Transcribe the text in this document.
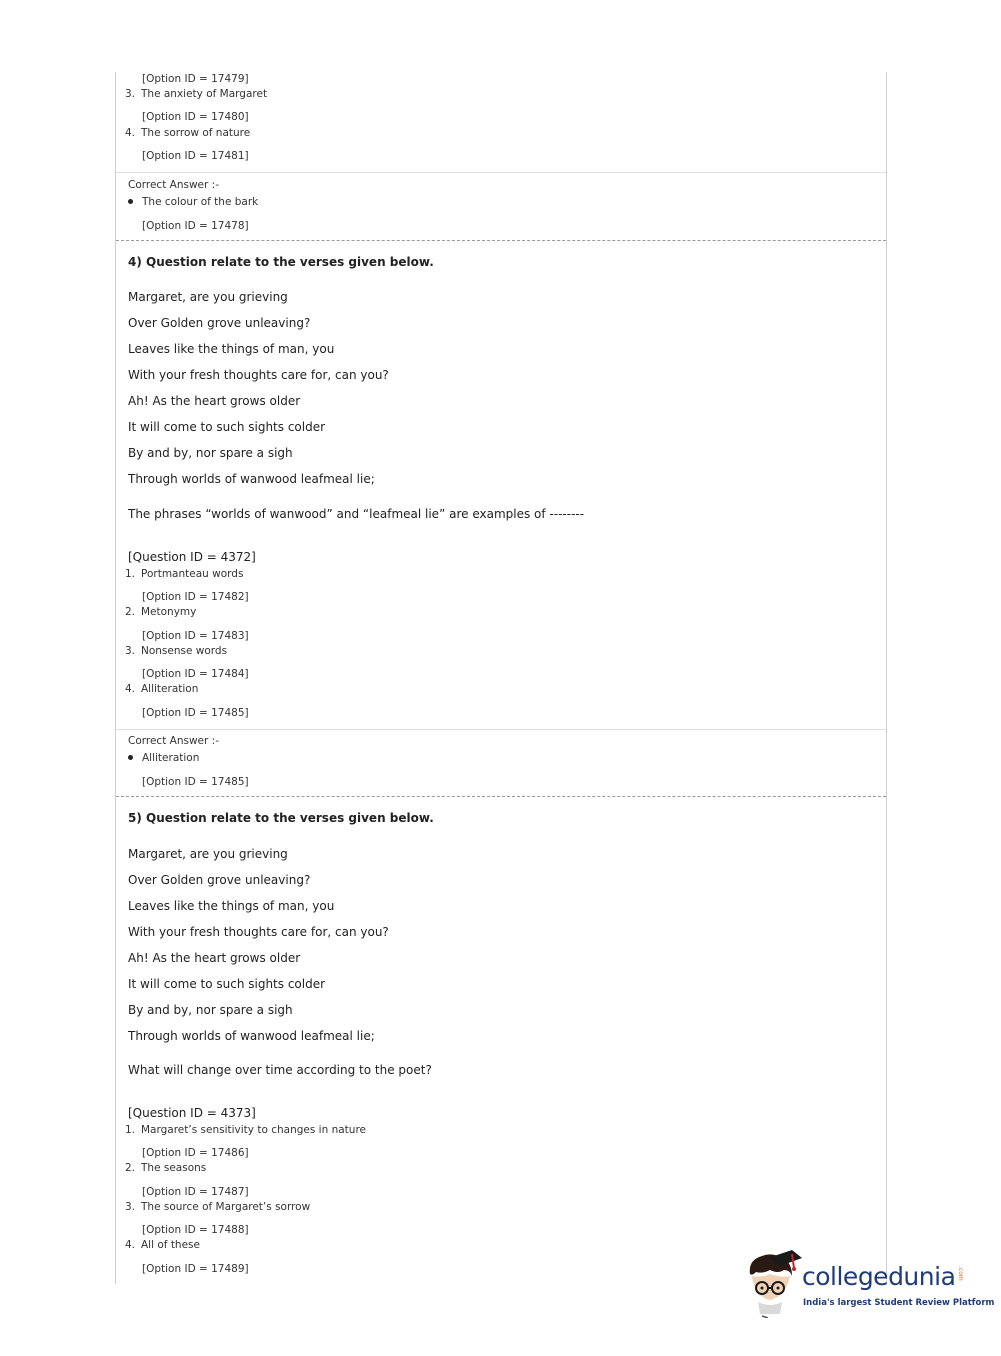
[Option ID = 17479]
3. The anxiety of Margaret
[Option ID = 17480]
4. The sorrow of nature
[Option ID = 17481]
Correct Answer :-
The colour of the bark
[Option ID = 17478]
4) Question relate to the verses given below.
Margaret, are you grieving
Over Golden grove unleaving?
Leaves like the things of man, you
With your fresh thoughts care for, can you?
Ah! As the heart grows older
It will come to such sights colder
By and by, nor spare a sigh
Through worlds of wanwood leafmeal lie;
The phrases “worlds of wanwood” and “leafmeal lie” are examples of --------
[Question ID = 4372]
1. Portmanteau words
[Option ID = 17482]
2. Metonymy
[Option ID = 17483]
3. Nonsense words
[Option ID = 17484]
4. Alliteration
[Option ID = 17485]
Correct Answer :-
Alliteration
[Option ID = 17485]
5) Question relate to the verses given below.
Margaret, are you grieving
Over Golden grove unleaving?
Leaves like the things of man, you
With your fresh thoughts care for, can you?
Ah! As the heart grows older
It will come to such sights colder
By and by, nor spare a sigh
Through worlds of wanwood leafmeal lie;
What will change over time according to the poet?
[Question ID = 4373]
1. Margaret’s sensitivity to changes in nature
[Option ID = 17486]
2. The seasons
[Option ID = 17487]
3. The source of Margaret’s sorrow
[Option ID = 17488]
4. All of these
[Option ID = 17489]	collegedunia .com
India's largest Student Review Platform
